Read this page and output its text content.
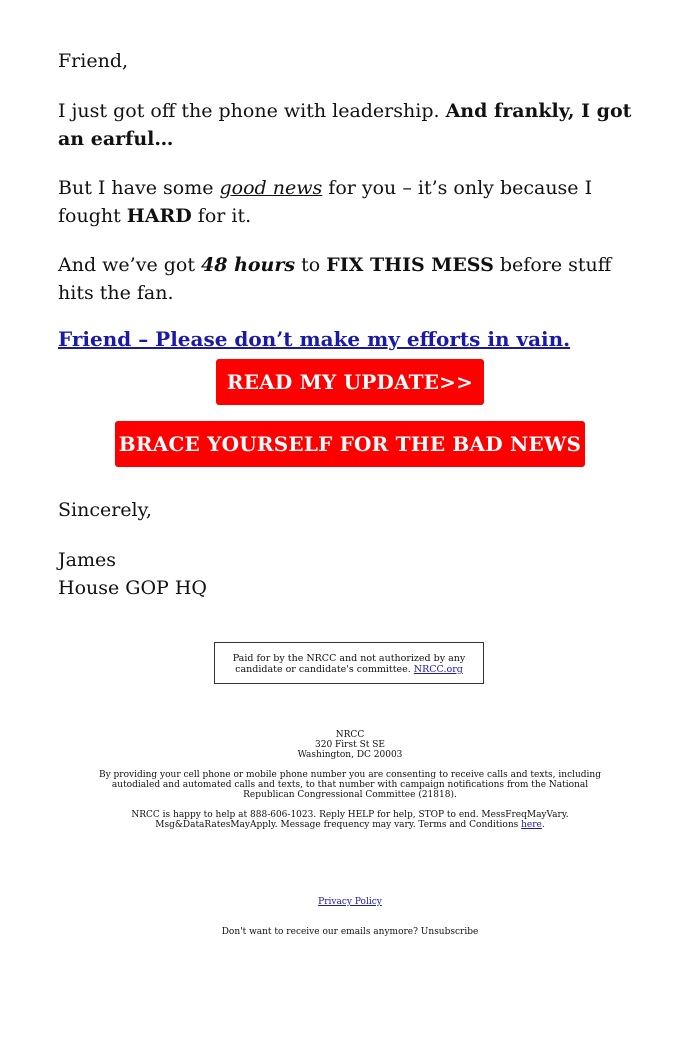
Friend,

I just got off the phone with leadership. And frankly, I got an earful…

But I have some good news for you – it’s only because I fought HARD for it.

And we’ve got 48 hours to FIX THIS MESS before stuff hits the fan.

Friend – Please don’t make my efforts in vain.

Sincerely,

James
House GOP HQ

READ MY UPDATE>>
BRACE YOURSELF FOR THE BAD NEWS
Paid for by the NRCC and not authorized by any candidate or candidate's committee. NRCC.org
NRCC
320 First St SE
Washington, DC 20003
By providing your cell phone or mobile phone number you are consenting to receive calls and texts, including autodialed and automated calls and texts, to that number with campaign notifications from the National Republican Congressional Committee (21818).
NRCC is happy to help at 888-606-1023. Reply HELP for help, STOP to end. MessFreqMayVary. Msg&DataRatesMayApply. Message frequency may vary. Terms and Conditions here.
Privacy Policy
Don't want to receive our emails anymore? Unsubscribe
